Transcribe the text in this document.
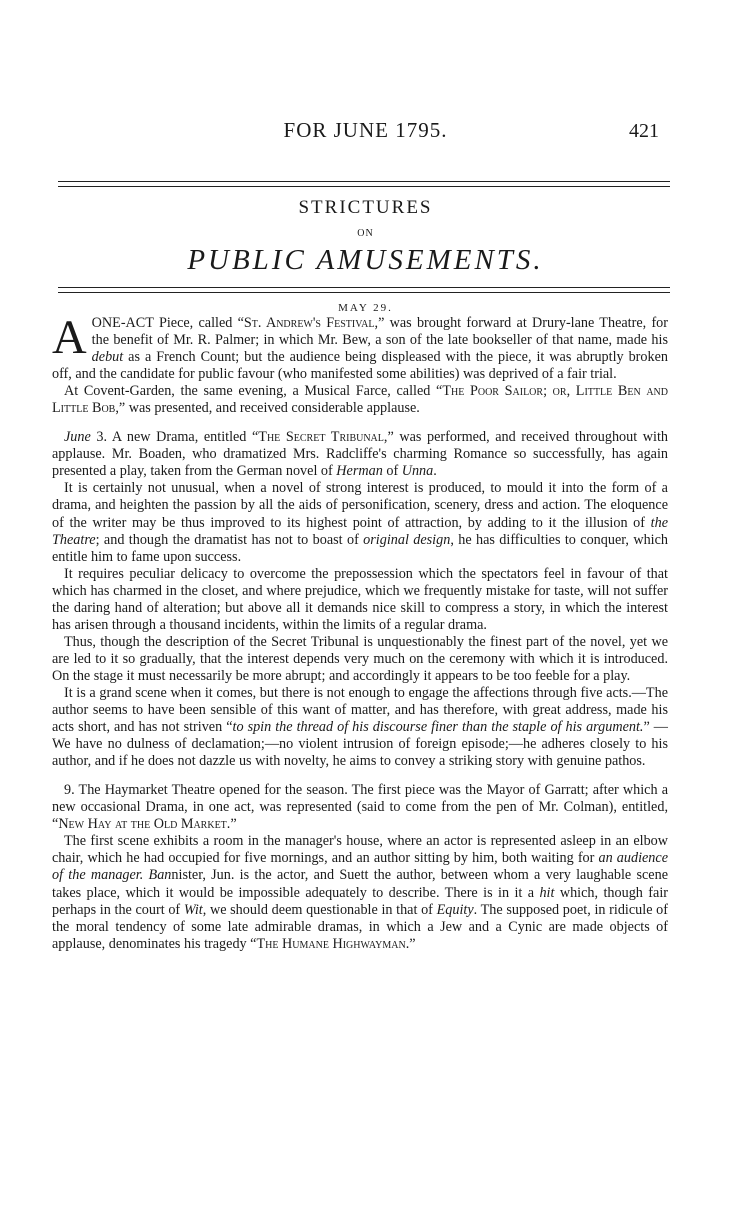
FOR JUNE 1795.	421
STRICTURES
ON
PUBLIC AMUSEMENTS.
MAY 29.

A ONE-ACT Piece, called “St. Andrew's Festival,” was brought forward at Drury-lane Theatre, for the benefit of Mr. R. Palmer; in which Mr. Bew, a son of the late bookseller of that name, made his debut as a French Count; but the audience being displeased with the piece, it was abruptly broken off, and the candidate for public favour (who manifested some abilities) was deprived of a fair trial.

At Covent-Garden, the same evening, a Musical Farce, called “The Poor Sailor; or, Little Ben and Little Bob,” was presented, and received considerable applause.

June 3. A new Drama, entitled “The Secret Tribunal,” was performed, and received throughout with applause. Mr. Boaden, who dramatized Mrs. Radcliffe's charming Romance so successfully, has again presented a play, taken from the German novel of Herman of Unna.

It is certainly not unusual, when a novel of strong interest is produced, to mould it into the form of a drama, and heighten the passion by all the aids of personification, scenery, dress and action. The eloquence of the writer may be thus improved to its highest point of attraction, by adding to it the illusion of the Theatre; and though the dramatist has not to boast of original design, he has difficulties to conquer, which entitle him to fame upon success.

It requires peculiar delicacy to overcome the prepossession which the spectators feel in favour of that which has charmed in the closet, and where prejudice, which we frequently mistake for taste, will not suffer the daring hand of alteration; but above all it demands nice skill to compress a story, in which the interest has arisen through a thousand incidents, within the limits of a regular drama.

Thus, though the description of the Secret Tribunal is unquestionably the finest part of the novel, yet we are led to it so gradually, that the interest depends very much on the ceremony with which it is introduced. On the stage it must necessarily be more abrupt; and accordingly it appears to be too feeble for a play.

It is a grand scene when it comes, but there is not enough to engage the affections through five acts.—The author seems to have been sensible of this want of matter, and has therefore, with great address, made his acts short, and has not striven “to spin the thread of his discourse finer than the staple of his argument.” —We have no dulness of declamation;—no violent intrusion of foreign episode;—he adheres closely to his author, and if he does not dazzle us with novelty, he aims to convey a striking story with genuine pathos.

9. The Haymarket Theatre opened for the season. The first piece was the Mayor of Garratt; after which a new occasional Drama, in one act, was represented (said to come from the pen of Mr. Colman), entitled, “New Hay at the Old Market.”

The first scene exhibits a room in the manager's house, where an actor is represented asleep in an elbow chair, which he had occupied for five mornings, and an author sitting by him, both waiting for an audience of the manager. Bannister, Jun. is the actor, and Suett the author, between whom a very laughable scene takes place, which it would be impossible adequately to describe. There is in it a hit which, though fair perhaps in the court of Wit, we should deem questionable in that of Equity. The supposed poet, in ridicule of the moral tendency of some late admirable dramas, in which a Jew and a Cynic are made objects of applause, denominates his tragedy “The Humane Highwayman.”
